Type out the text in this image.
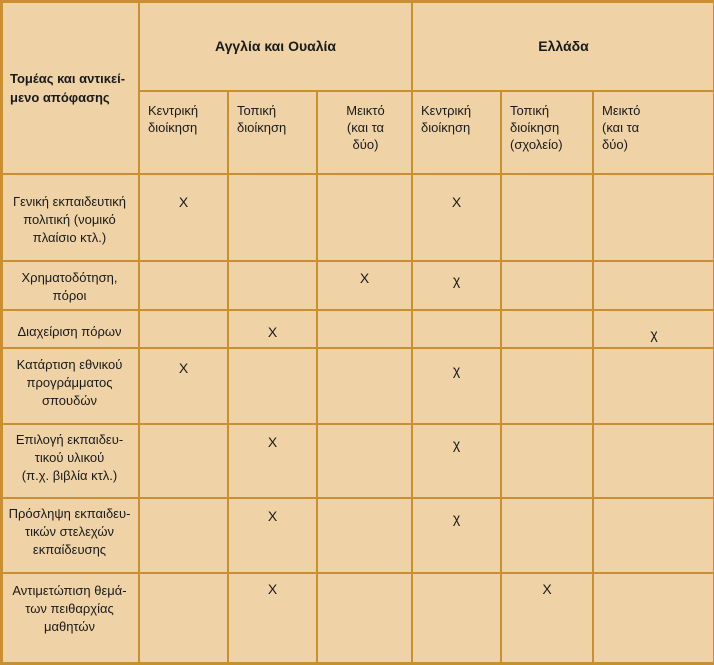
Τομέας και αντικεί-
μενο απόφασης	Αγγλία και Ουαλία			Ελλάδα		

	Κεντρική
διοίκηση	Τοπική
διοίκηση	Μεικτό
(και τα
δύο)	Κεντρική
διοίκηση	Τοπική
διοίκηση
(σχολείο)	Μεικτό
(και τα
δύο)

Γενική εκπαιδευτική
πολιτική (νομικό
πλαίσιο κτλ.)	X			X		

Χρηματοδότηση,
πόροι			X	χ		

Διαχείριση πόρων		X				χ

Κατάρτιση εθνικού
προγράμματος
σπουδών	X			χ		

Επιλογή εκπαιδευ-
τικού υλικού
(π.χ. βιβλία κτλ.)		X		χ		

Πρόσληψη εκπαιδευ-
τικών στελεχών
εκπαίδευσης		X		χ		

Αντιμετώπιση θεμά-
των πειθαρχίας
μαθητών		X			X	
